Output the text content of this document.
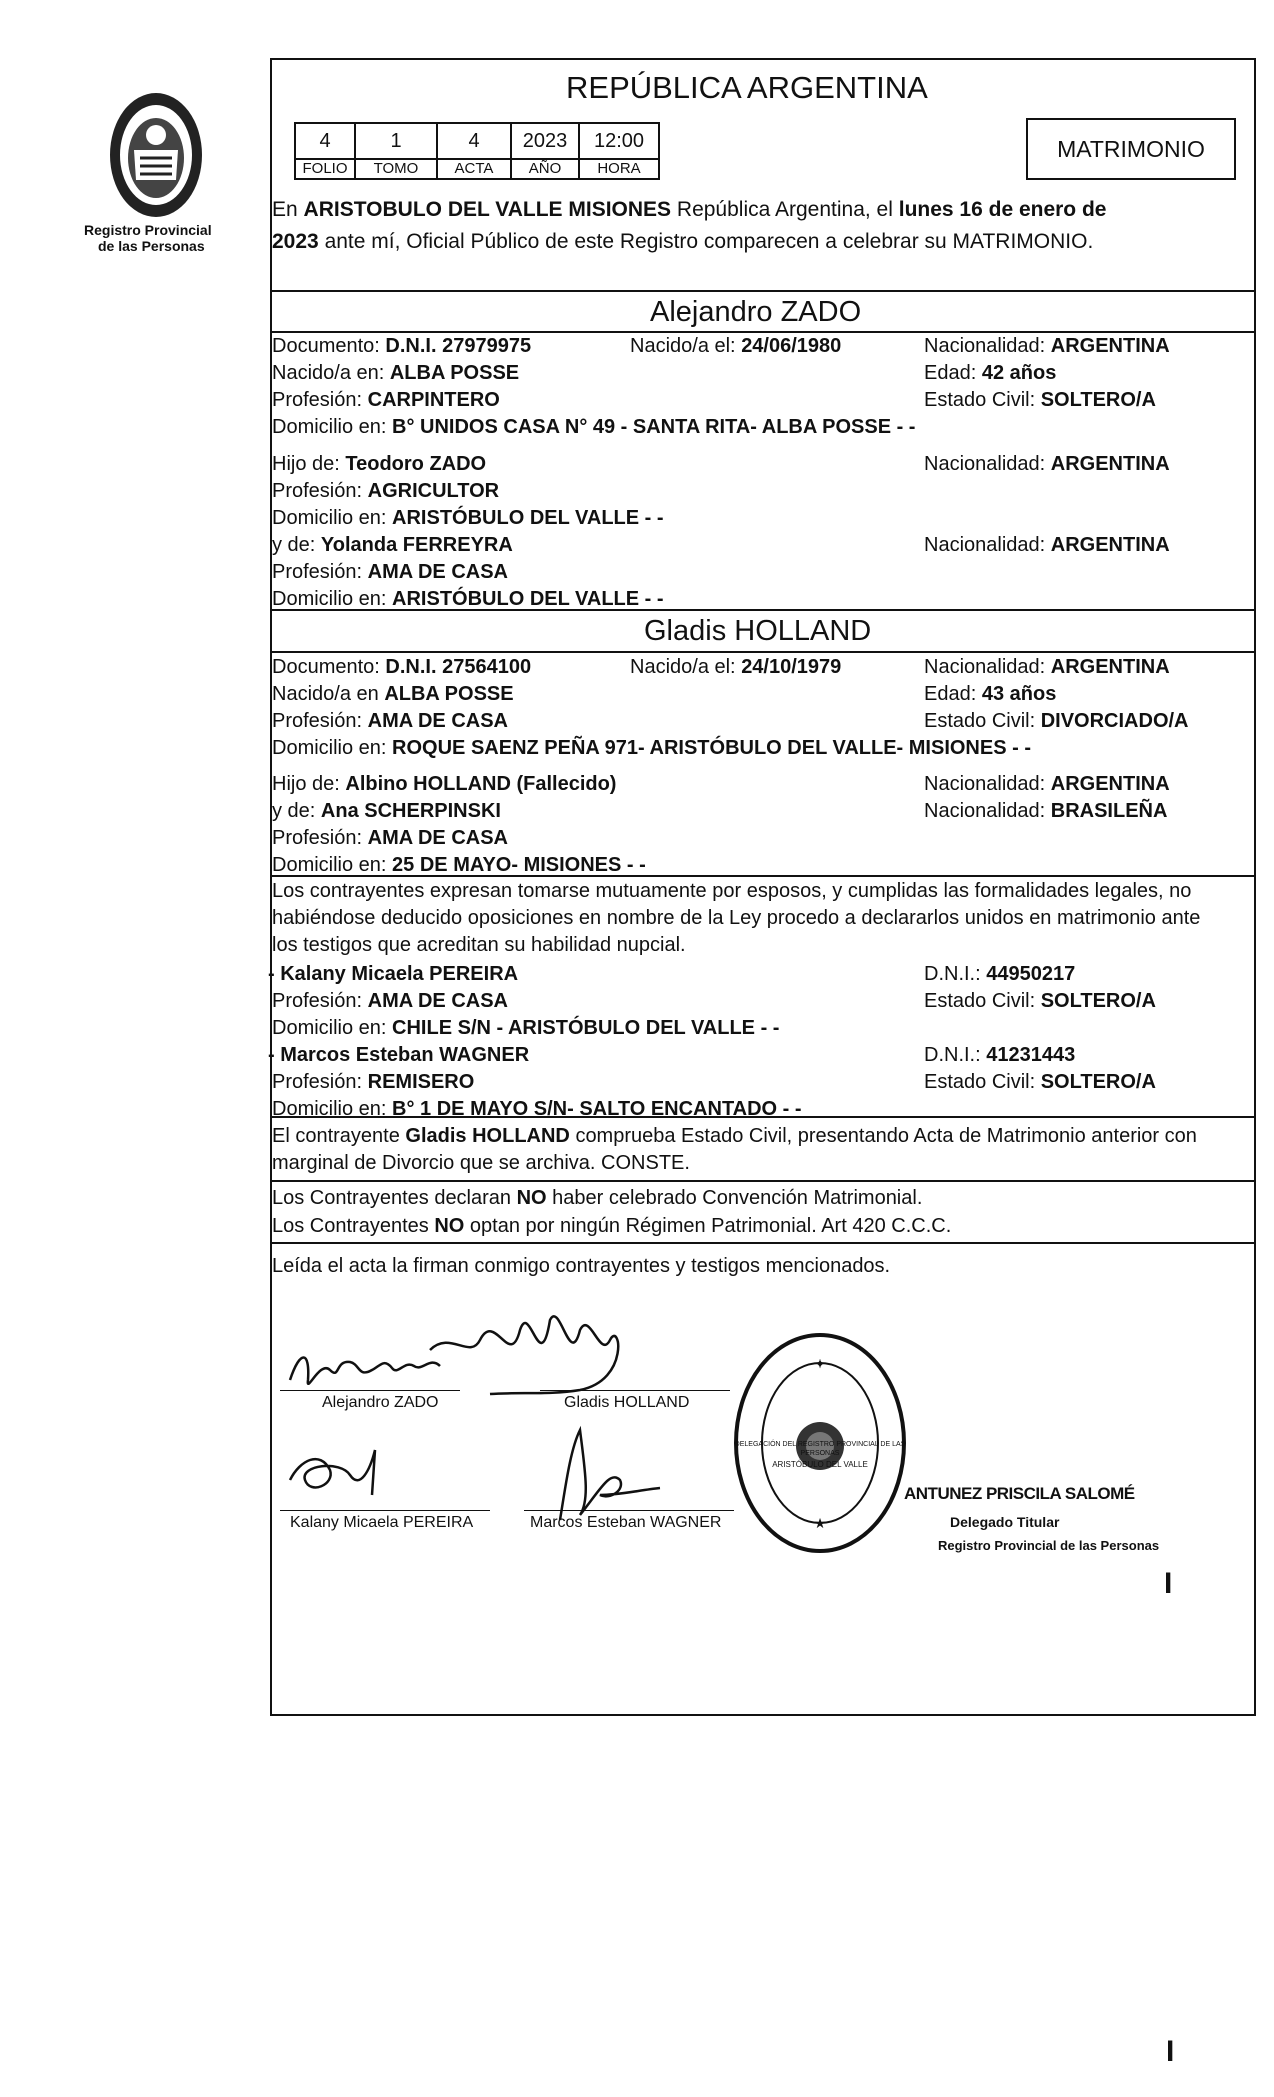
Registro Provincial
de las Personas
REPÚBLICA ARGENTINA
4	1	4	2023	12:00
FOLIO	TOMO	ACTA	AÑO	HORA
MATRIMONIO
En ARISTOBULO DEL VALLE MISIONES República Argentina, el lunes 16 de enero de
2023 ante mí, Oficial Público de este Registro comparecen a celebrar su MATRIMONIO.
Alejandro ZADO
Documento: D.N.I. 27979975	Nacido/a el: 24/06/1980	Nacionalidad: ARGENTINA
Nacido/a en: ALBA POSSE	Edad: 42 años
Profesión: CARPINTERO	Estado Civil: SOLTERO/A
Domicilio en: B° UNIDOS CASA N° 49 - SANTA RITA- ALBA POSSE - -
Hijo de: Teodoro ZADO	Nacionalidad: ARGENTINA
Profesión: AGRICULTOR
Domicilio en: ARISTÓBULO DEL VALLE - -
y de: Yolanda FERREYRA	Nacionalidad: ARGENTINA
Profesión: AMA DE CASA
Domicilio en: ARISTÓBULO DEL VALLE - -
Gladis HOLLAND
Documento: D.N.I. 27564100	Nacido/a el: 24/10/1979	Nacionalidad: ARGENTINA
Nacido/a en ALBA POSSE	Edad: 43 años
Profesión: AMA DE CASA	Estado Civil: DIVORCIADO/A
Domicilio en: ROQUE SAENZ PEÑA 971- ARISTÓBULO DEL VALLE- MISIONES - -
Hijo de: Albino HOLLAND (Fallecido)	Nacionalidad: ARGENTINA
y de: Ana SCHERPINSKI	Nacionalidad: BRASILEÑA
Profesión: AMA DE CASA
Domicilio en: 25 DE MAYO- MISIONES - -
Los contrayentes expresan tomarse mutuamente por esposos, y cumplidas las formalidades legales, no
habiéndose deducido oposiciones en nombre de la Ley procedo a declararlos unidos en matrimonio ante
los testigos que acreditan su habilidad nupcial.
- Kalany Micaela PEREIRA	D.N.I.: 44950217
Profesión: AMA DE CASA	Estado Civil: SOLTERO/A
Domicilio en: CHILE S/N - ARISTÓBULO DEL VALLE - -
- Marcos Esteban WAGNER	D.N.I.: 41231443
Profesión: REMISERO	Estado Civil: SOLTERO/A
Domicilio en: B° 1 DE MAYO S/N- SALTO ENCANTADO - -
El contrayente Gladis HOLLAND comprueba Estado Civil, presentando Acta de Matrimonio anterior con
marginal de Divorcio que se archiva. CONSTE.
Los Contrayentes declaran NO haber celebrado Convención Matrimonial.
Los Contrayentes NO optan por ningún Régimen Patrimonial. Art 420 C.C.C.
Leída el acta la firman conmigo contrayentes y testigos mencionados.
Alejandro ZADO	Gladis HOLLAND
Kalany Micaela PEREIRA	Marcos Esteban WAGNER
✦
★
DELEGACIÓN DEL REGISTRO PROVINCIAL DE LAS PERSONAS
ARISTÓBULO DEL VALLE
ANTUNEZ PRISCILA SALOMÉ
Delegado Titular
Registro Provincial de las Personas
I
I
